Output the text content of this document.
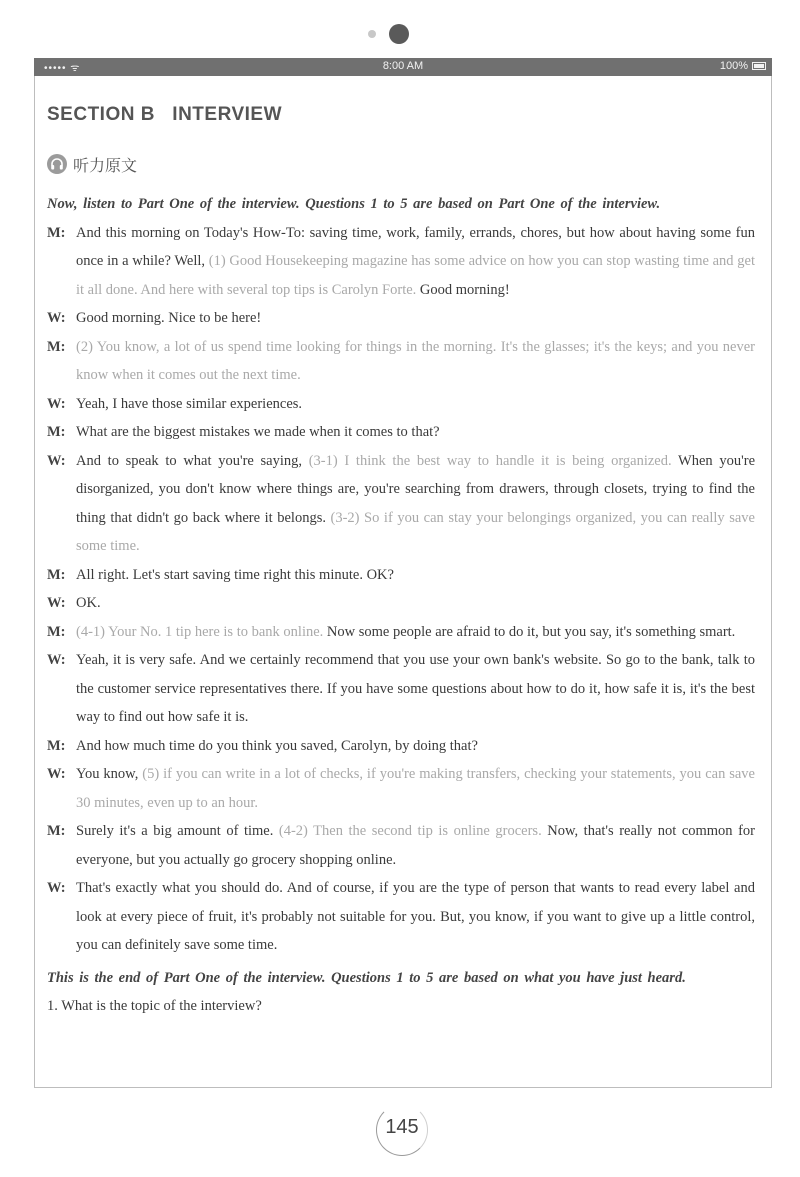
••••• ᯤ	8:00 AM	100%
SECTION B   INTERVIEW
听力原文
Now, listen to Part One of the interview. Questions 1 to 5 are based on Part One of the interview.
M: And this morning on Today's How-To: saving time, work, family, errands, chores, but how about having some fun once in a while? Well, (1) Good Housekeeping magazine has some advice on how you can stop wasting time and get it all done. And here with several top tips is Carolyn Forte. Good morning!
W: Good morning. Nice to be here!
M: (2) You know, a lot of us spend time looking for things in the morning. It's the glasses; it's the keys; and you never know when it comes out the next time.
W: Yeah, I have those similar experiences.
M: What are the biggest mistakes we made when it comes to that?
W: And to speak to what you're saying, (3-1) I think the best way to handle it is being organized. When you're disorganized, you don't know where things are, you're searching from drawers, through closets, trying to find the thing that didn't go back where it belongs. (3-2) So if you can stay your belongings organized, you can really save some time.
M: All right. Let's start saving time right this minute. OK?
W: OK.
M: (4-1) Your No. 1 tip here is to bank online. Now some people are afraid to do it, but you say, it's something smart.
W: Yeah, it is very safe. And we certainly recommend that you use your own bank's website. So go to the bank, talk to the customer service representatives there. If you have some questions about how to do it, how safe it is, it's the best way to find out how safe it is.
M: And how much time do you think you saved, Carolyn, by doing that?
W: You know, (5) if you can write in a lot of checks, if you're making transfers, checking your statements, you can save 30 minutes, even up to an hour.
M: Surely it's a big amount of time. (4-2) Then the second tip is online grocers. Now, that's really not common for everyone, but you actually go grocery shopping online.
W: That's exactly what you should do. And of course, if you are the type of person that wants to read every label and look at every piece of fruit, it's probably not suitable for you. But, you know, if you want to give up a little control, you can definitely save some time.
This is the end of Part One of the interview. Questions 1 to 5 are based on what you have just heard.
1. What is the topic of the interview?
145
